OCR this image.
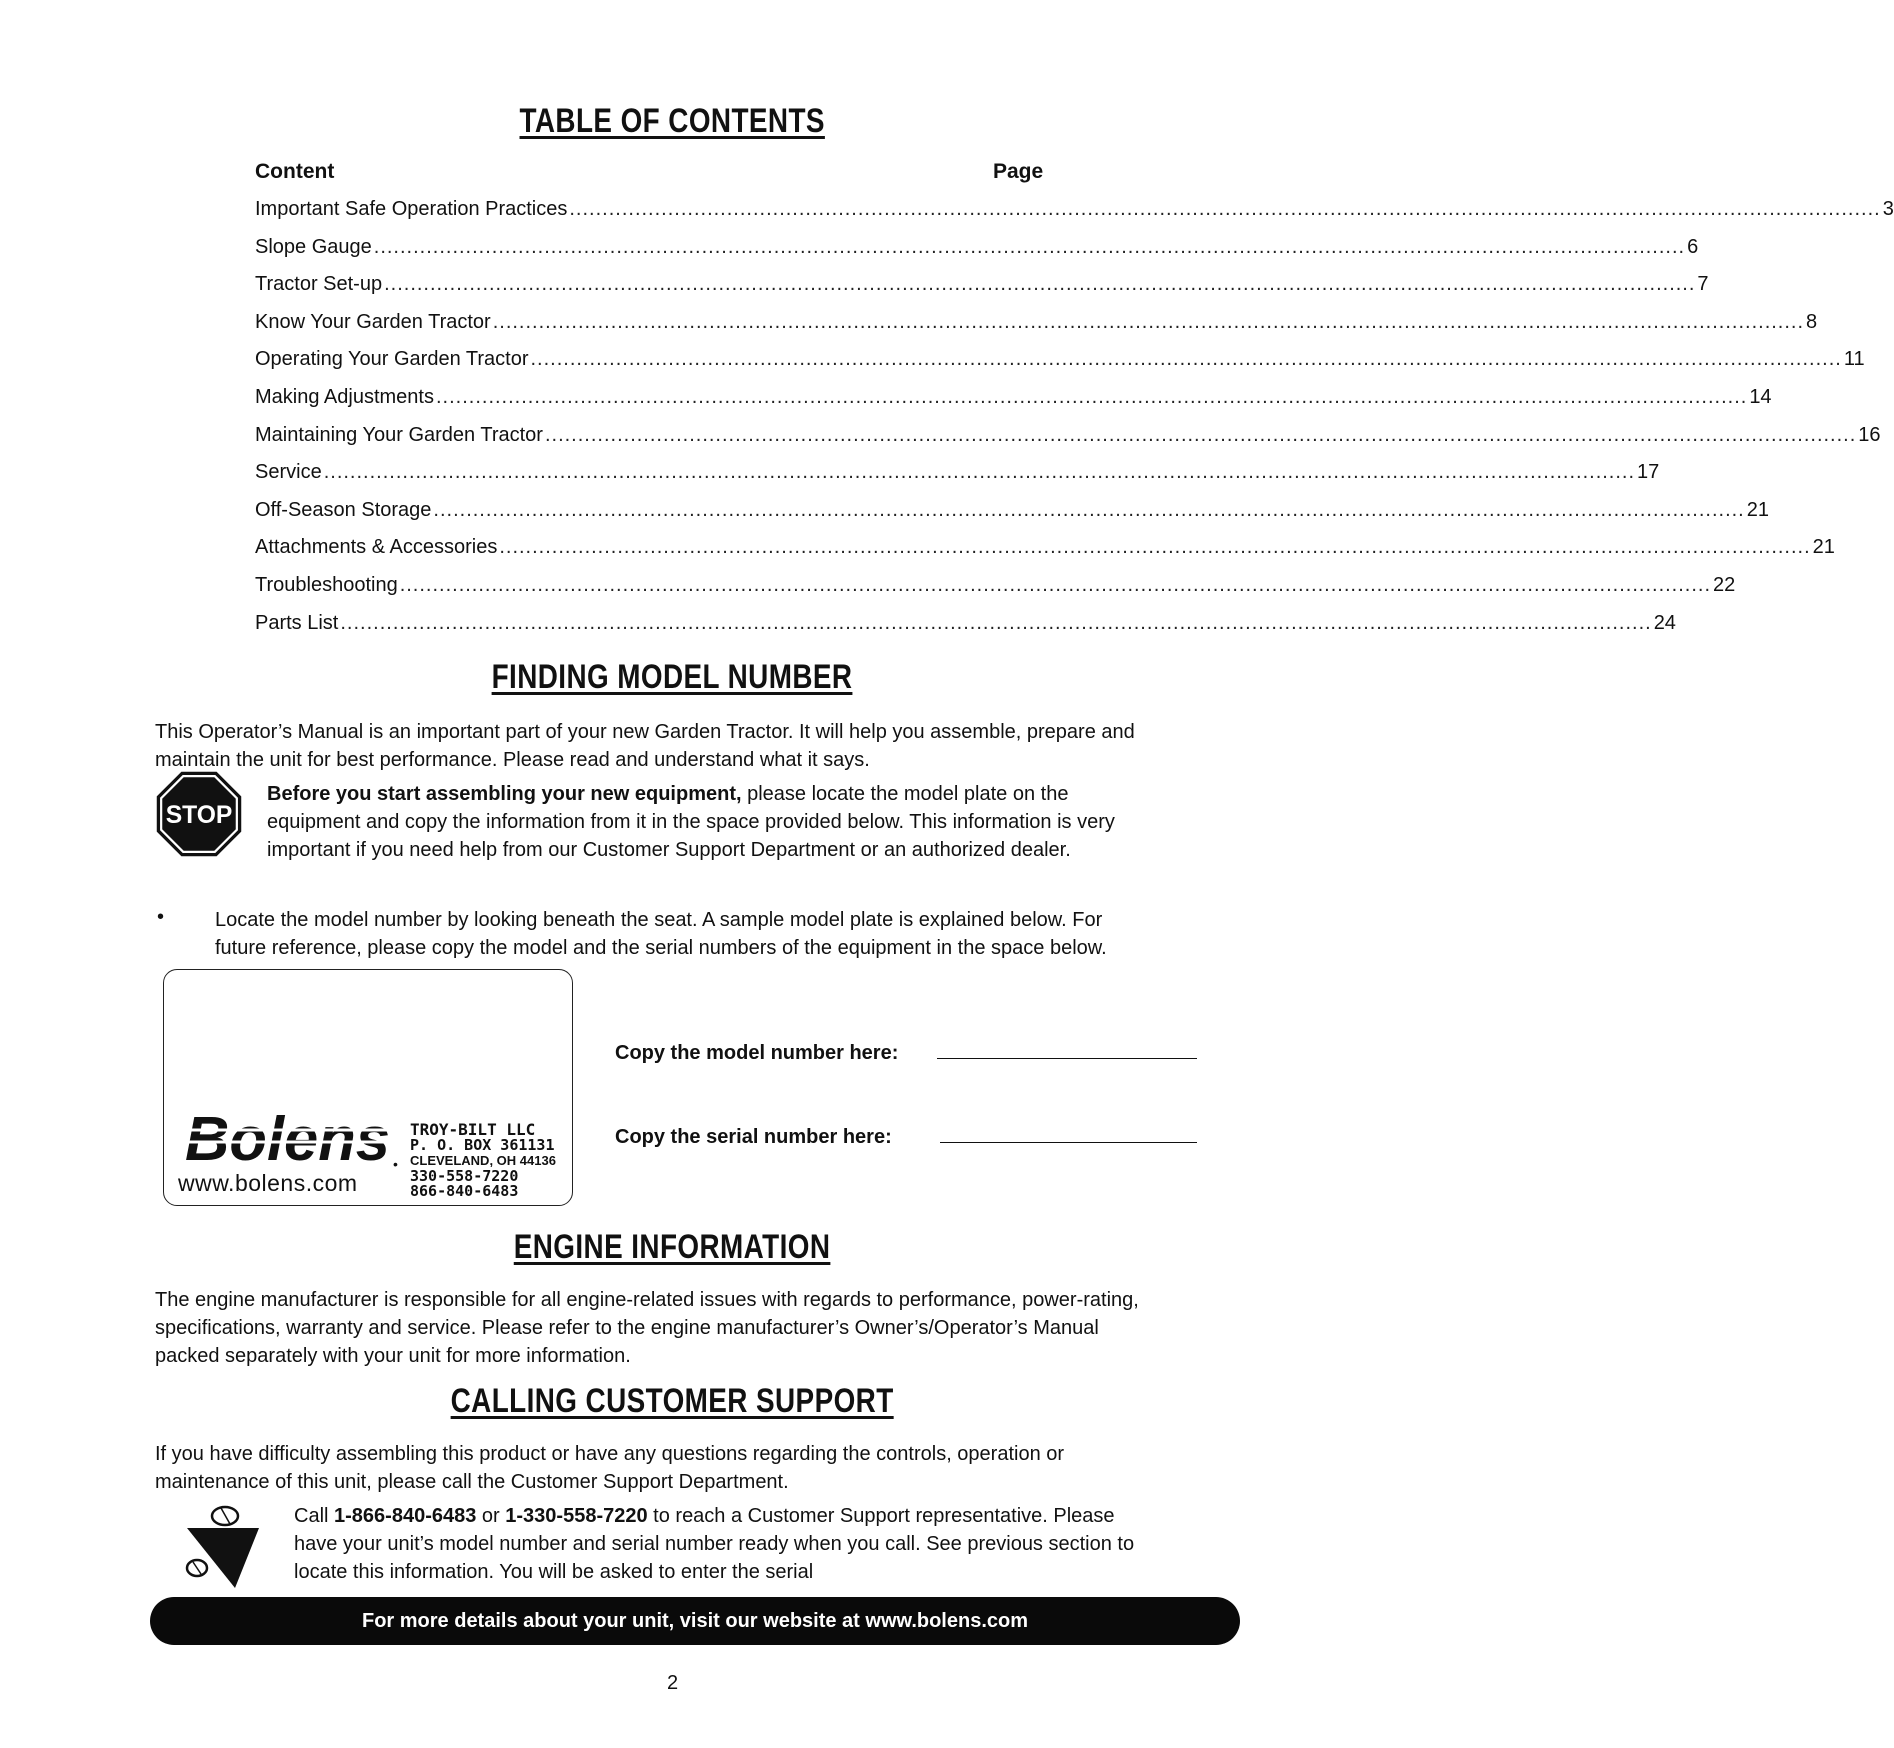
TABLE OF CONTENTS
Content	Page
Important Safe Operation Practices ........................................................................................................................................................................................................ 3
Slope Gauge ........................................................................................................................................................................................................ 6
Tractor Set-up ........................................................................................................................................................................................................ 7
Know Your Garden Tractor ........................................................................................................................................................................................................ 8
Operating Your Garden Tractor ........................................................................................................................................................................................................ 11
Making Adjustments ........................................................................................................................................................................................................ 14
Maintaining Your Garden Tractor ........................................................................................................................................................................................................ 16
Service ........................................................................................................................................................................................................ 17
Off-Season Storage ........................................................................................................................................................................................................ 21
Attachments & Accessories ........................................................................................................................................................................................................ 21
Troubleshooting ........................................................................................................................................................................................................ 22
Parts List ........................................................................................................................................................................................................ 24
FINDING MODEL NUMBER
This Operator’s Manual is an important part of your new Garden Tractor. It will help you assemble, prepare and
maintain the unit for best performance. Please read and understand what it says.
STOP
Before you start assembling your new equipment, please locate the model plate on the
equipment and copy the information from it in the space provided below. This information is very
important if you need help from our Customer Support Department or an authorized dealer.
•	Locate the model number by looking beneath the seat. A sample model plate is explained below. For
future reference, please copy the model and the serial numbers of the equipment in the space below.
Bolens •
www.bolens.com
TROY-BILT LLC
P. O. BOX 361131
CLEVELAND, OH 44136
330-558-7220
866-840-6483
Copy the model number here:
Copy the serial number here:
ENGINE INFORMATION
The engine manufacturer is responsible for all engine-related issues with regards to performance, power-rating,
specifications, warranty and service. Please refer to the engine manufacturer’s Owner’s/Operator’s Manual
packed separately with your unit for more information.
CALLING CUSTOMER SUPPORT
If you have difficulty assembling this product or have any questions regarding the controls, operation or
maintenance of this unit, please call the Customer Support Department.
Call 1-866-840-6483 or 1-330-558-7220 to reach a Customer Support representative. Please
have your unit’s model number and serial number ready when you call. See previous section to
locate this information. You will be asked to enter the serial
For more details about your unit, visit our website at www.bolens.com
2
